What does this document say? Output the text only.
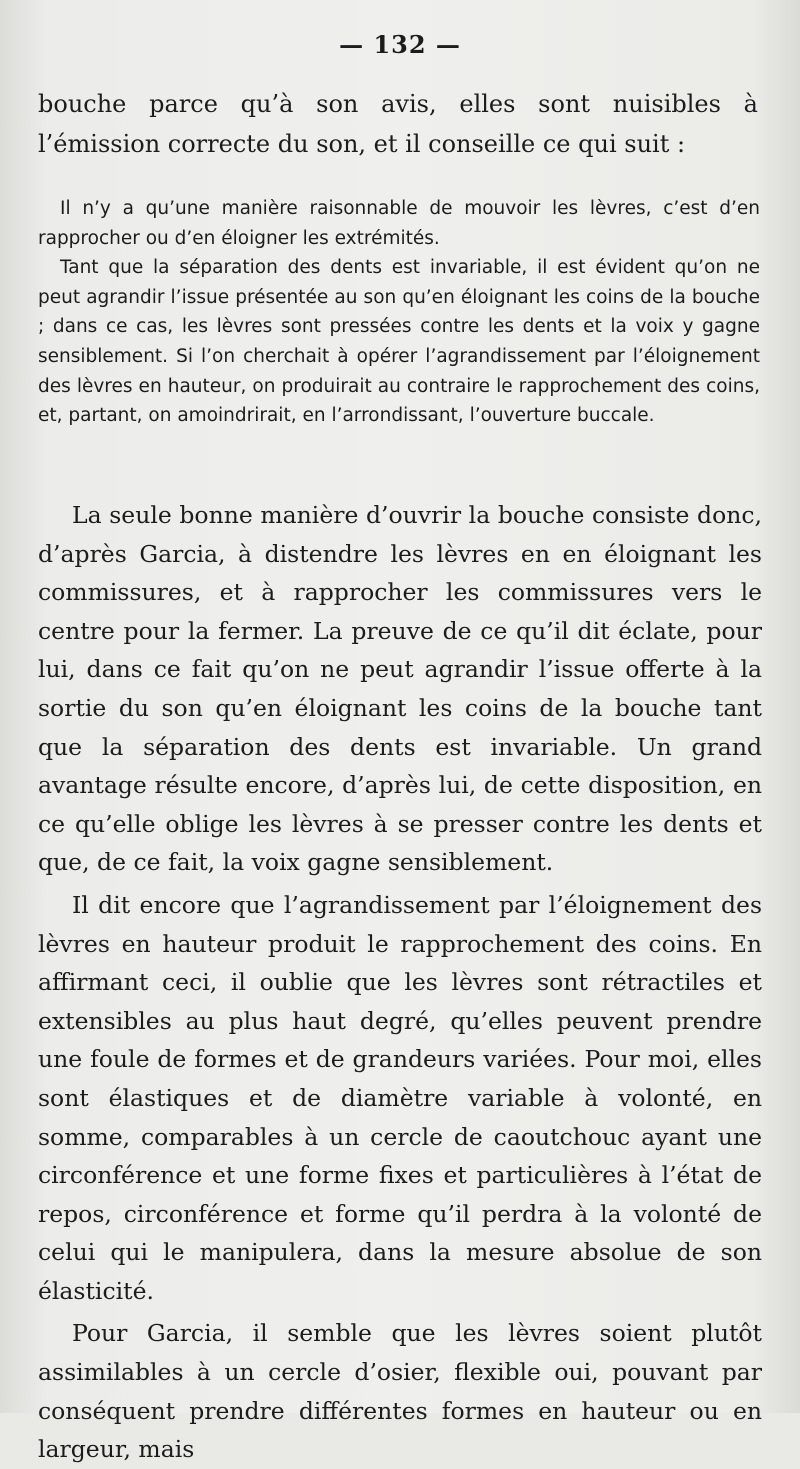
— 132 —
bouche parce qu’à son avis, elles sont nuisibles à l’émission correcte du son, et il conseille ce qui suit :

Il n’y a qu’une manière raisonnable de mouvoir les lèvres, c’est d’en rapprocher ou d’en éloigner les extrémités.

Tant que la séparation des dents est invariable, il est évident qu’on ne peut agrandir l’issue présentée au son qu’en éloignant les coins de la bouche ; dans ce cas, les lèvres sont pressées contre les dents et la voix y gagne sensiblement. Si l’on cherchait à opérer l’agrandissement par l’éloignement des lèvres en hauteur, on produirait au contraire le rapprochement des coins, et, partant, on amoindrirait, en l’arrondissant, l’ouverture buccale.

La seule bonne manière d’ouvrir la bouche consiste donc, d’après Garcia, à distendre les lèvres en en éloignant les commissures, et à rapprocher les commissures vers le centre pour la fermer. La preuve de ce qu’il dit éclate, pour lui, dans ce fait qu’on ne peut agrandir l’issue offerte à la sortie du son qu’en éloignant les coins de la bouche tant que la séparation des dents est invariable. Un grand avantage résulte encore, d’après lui, de cette disposition, en ce qu’elle oblige les lèvres à se presser contre les dents et que, de ce fait, la voix gagne sensiblement.

Il dit encore que l’agrandissement par l’éloignement des lèvres en hauteur produit le rapprochement des coins. En affirmant ceci, il oublie que les lèvres sont rétractiles et extensibles au plus haut degré, qu’elles peuvent prendre une foule de formes et de grandeurs variées. Pour moi, elles sont élastiques et de diamètre variable à volonté, en somme, comparables à un cercle de caoutchouc ayant une circonférence et une forme fixes et particulières à l’état de repos, circonférence et forme qu’il perdra à la volonté de celui qui le manipulera, dans la mesure absolue de son élasticité.

Pour Garcia, il semble que les lèvres soient plutôt assimilables à un cercle d’osier, flexible oui, pouvant par conséquent prendre différentes formes en hauteur ou en largeur, mais
